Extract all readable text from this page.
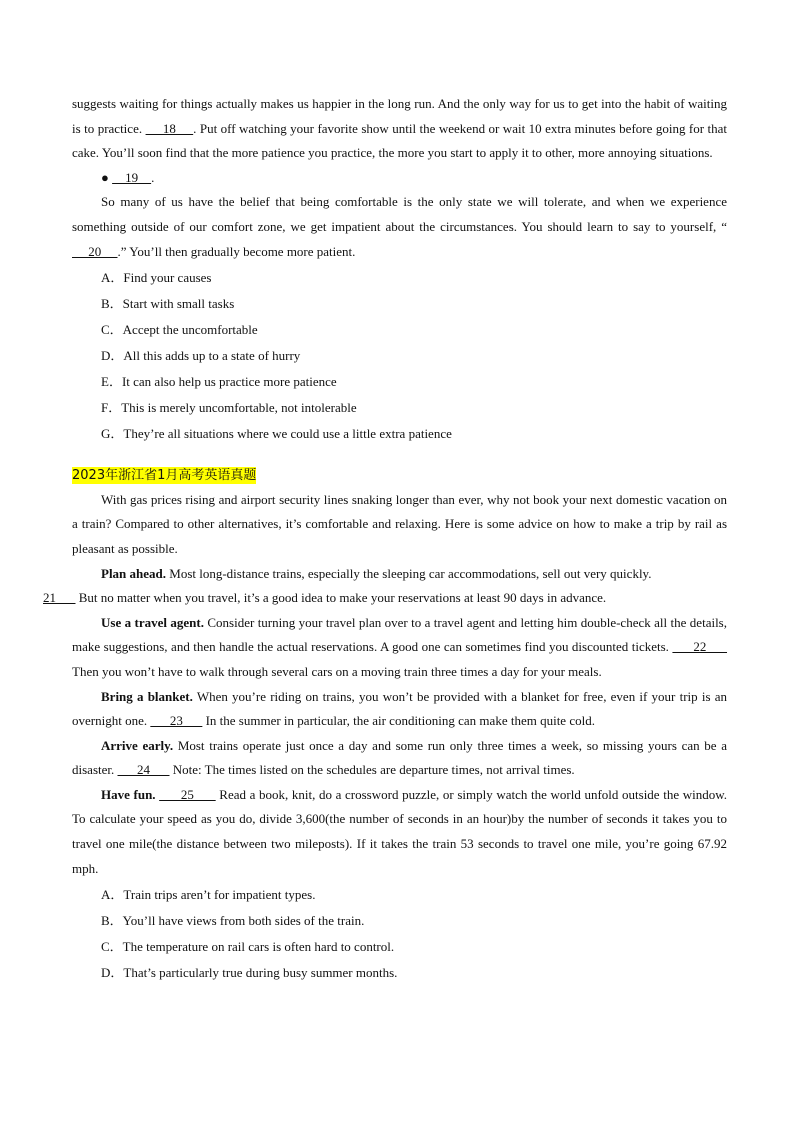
suggests waiting for things actually makes us happier in the long run. And the only way for us to get into the habit of waiting is to practice.      18     . Put off watching your favorite show until the weekend or wait 10 extra minutes before going for that cake. You’ll soon find that the more patience you practice, the more you start to apply it to other, more annoying situations.

●     19    .

So many of us have the belief that being comfortable is the only state we will tolerate, and when we experience something outside of our comfort zone, we get impatient about the circumstances. You should learn to say to yourself, “     20     .” You’ll then gradually become more patient.

A．Find your causes

B．Start with small tasks

C．Accept the uncomfortable

D．All this adds up to a state of hurry

E．It can also help us practice more patience

F．This is merely uncomfortable, not intolerable

G．They’re all situations where we could use a little extra patience

2023年浙江省1月高考英语真题

With gas prices rising and airport security lines snaking longer than ever, why not book your next domestic vacation on a train? Compared to other alternatives, it’s comfortable and relaxing. Here is some advice on how to make a trip by rail as pleasant as possible.

Plan ahead. Most long-distance trains, especially the sleeping car accommodations, sell out very quickly.
21       But no matter when you travel, it’s a good idea to make your reservations at least 90 days in advance.

Use a travel agent. Consider turning your travel plan over to a travel agent and letting him double-check all the details, make suggestions, and then handle the actual reservations. A good one can sometimes find you discounted tickets.       22       Then you won’t have to walk through several cars on a moving train three times a day for your meals.

Bring a blanket. When you’re riding on trains, you won’t be provided with a blanket for free, even if your trip is an overnight one.       23       In the summer in particular, the air conditioning can make them quite cold.

Arrive early. Most trains operate just once a day and some run only three times a week, so missing yours can be a disaster.       24       Note: The times listed on the schedules are departure times, not arrival times.

Have fun.       25       Read a book, knit, do a crossword puzzle, or simply watch the world unfold outside the window. To calculate your speed as you do, divide 3,600(the number of seconds in an hour)by the number of seconds it takes you to travel one mile(the distance between two mileposts). If it takes the train 53 seconds to travel one mile, you’re going 67.92 mph.

A．Train trips aren’t for impatient types.

B．You’ll have views from both sides of the train.

C．The temperature on rail cars is often hard to control.

D．That’s particularly true during busy summer months.
